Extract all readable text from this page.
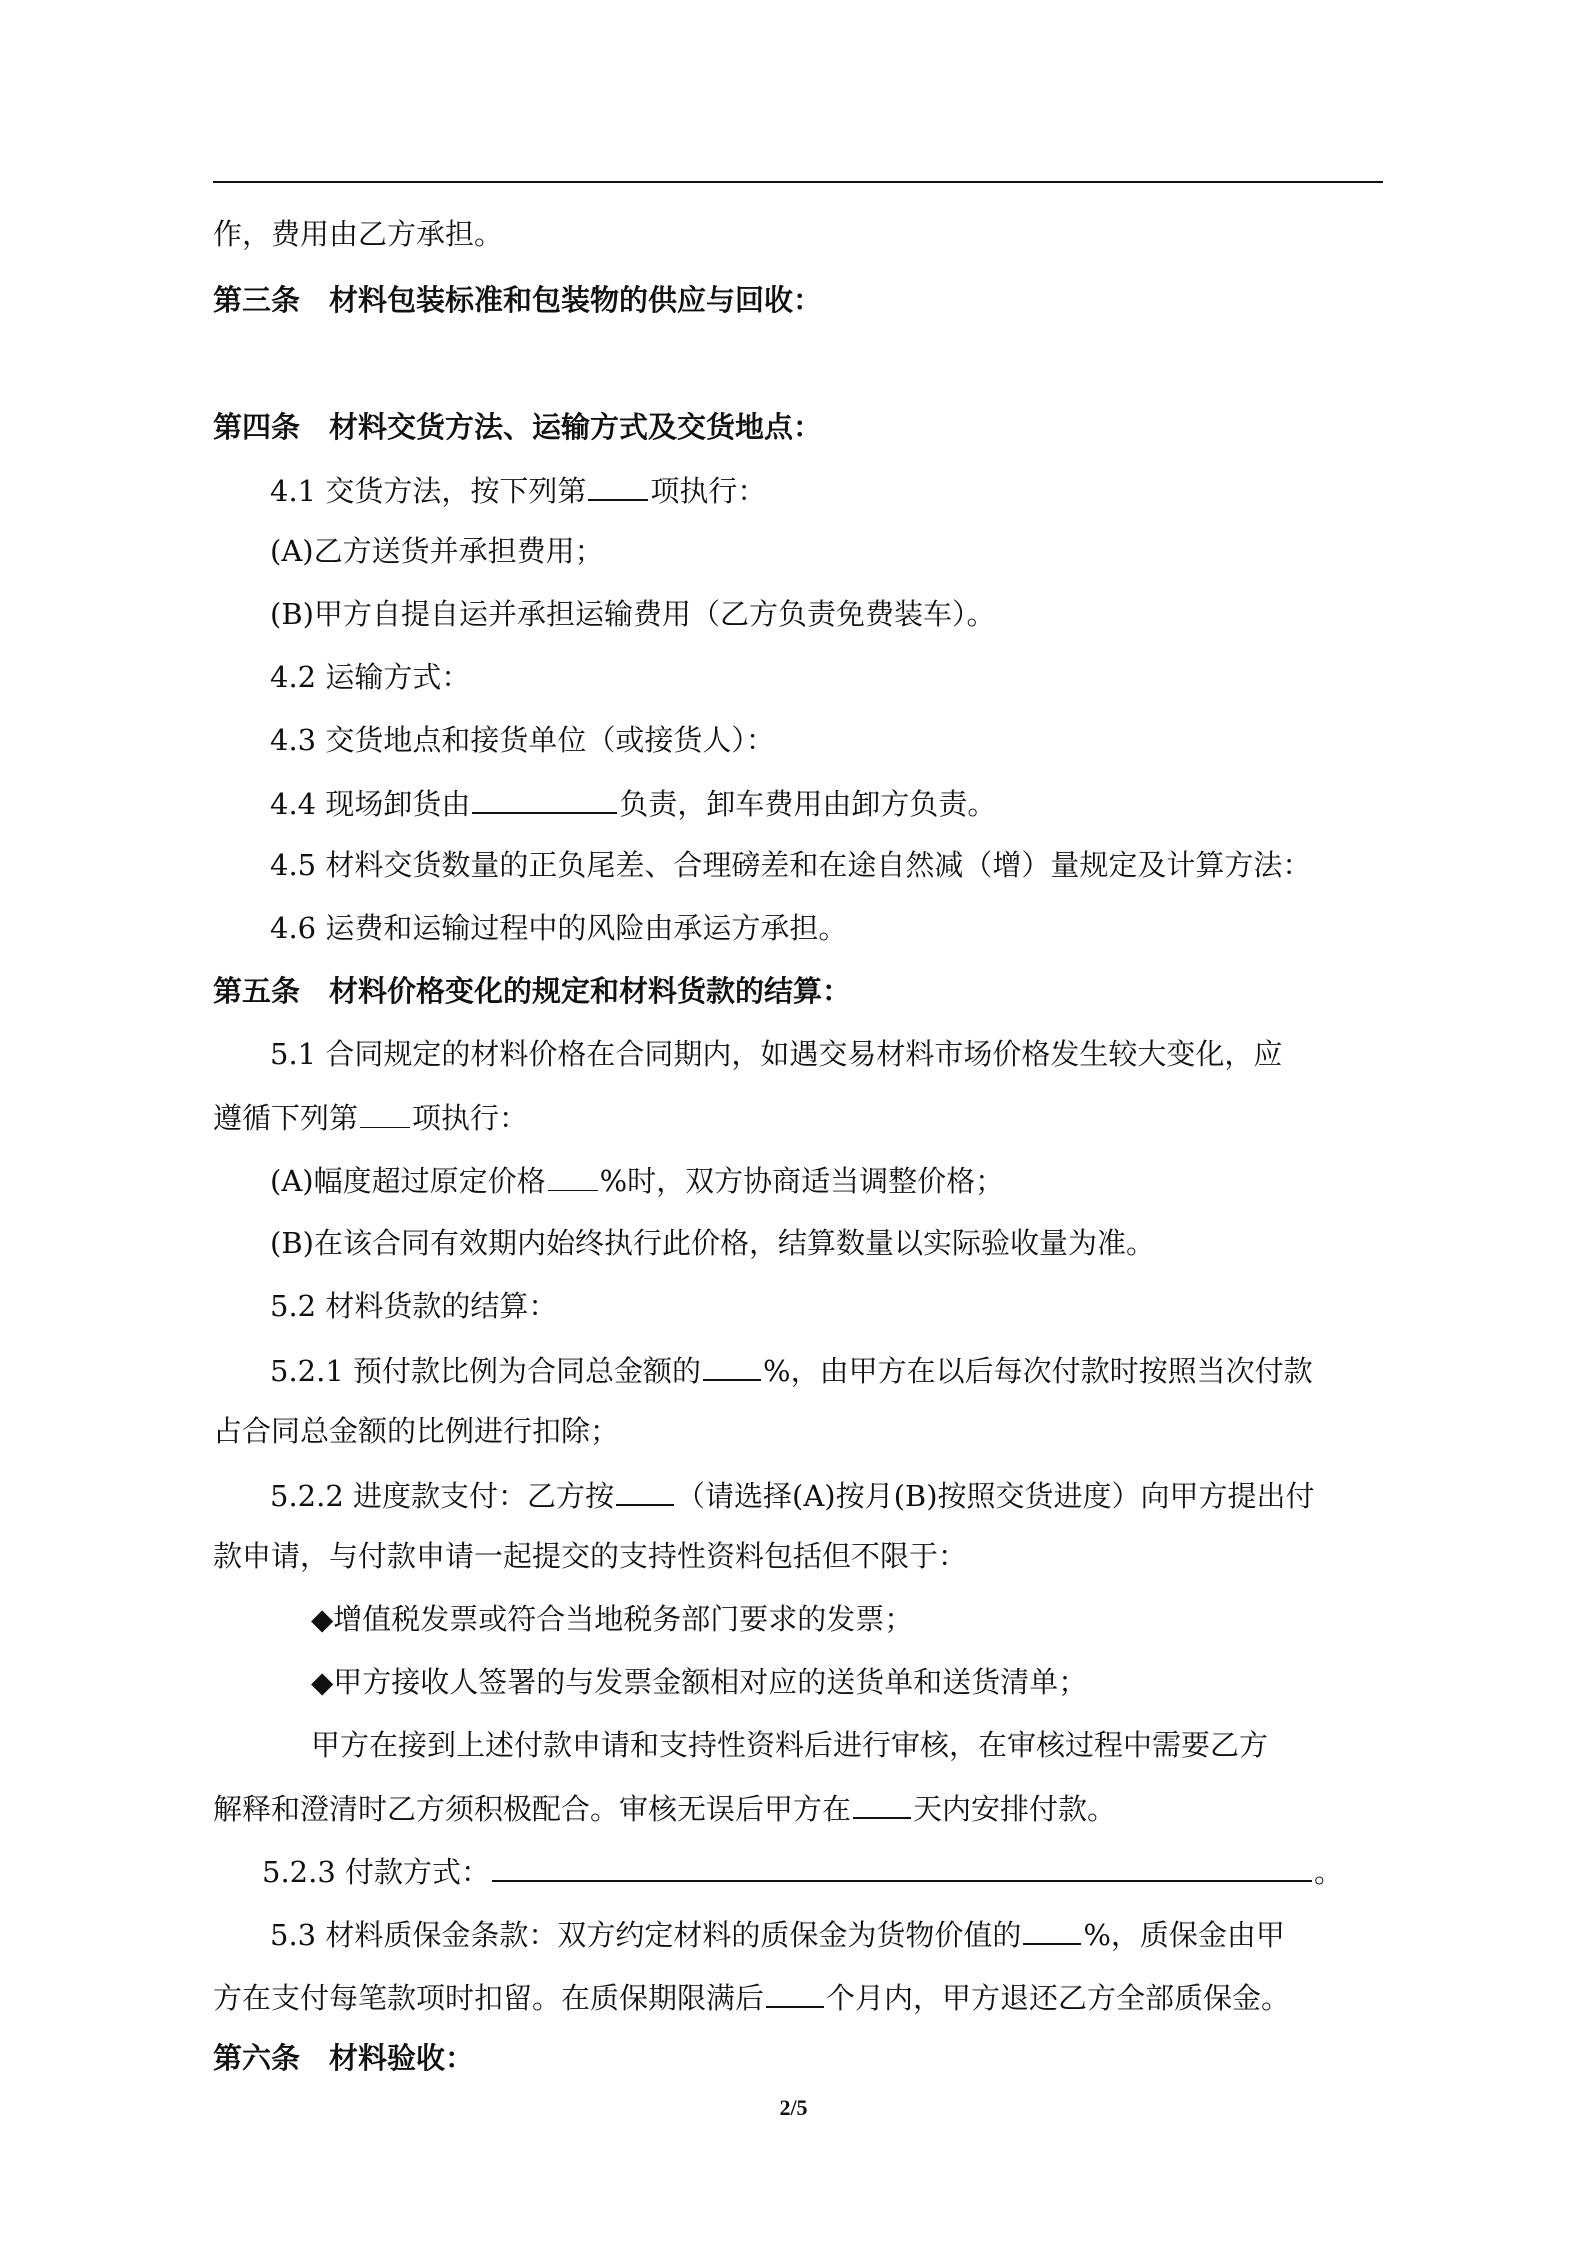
作，费用由乙方承担。
第三条　材料包装标准和包装物的供应与回收：
第四条　材料交货方法、运输方式及交货地点：
4.1 交货方法，按下列第 项执行：
(A)乙方送货并承担费用；
(B)甲方自提自运并承担运输费用（乙方负责免费装车）。
4.2 运输方式：
4.3 交货地点和接货单位（或接货人）：
4.4 现场卸货由	负责，卸车费用由卸方负责。
4.5 材料交货数量的正负尾差、合理磅差和在途自然减（增）量规定及计算方法：
4.6 运费和运输过程中的风险由承运方承担。
第五条　材料价格变化的规定和材料货款的结算：
5.1 合同规定的材料价格在合同期内，如遇交易材料市场价格发生较大变化，应
遵循下列第 项执行：
(A)幅度超过原定价格 %时，双方协商适当调整价格；
(B)在该合同有效期内始终执行此价格，结算数量以实际验收量为准。
5.2 材料货款的结算：
5.2.1 预付款比例为合同总金额的 %，由甲方在以后每次付款时按照当次付款
占合同总金额的比例进行扣除；
5.2.2 进度款支付：乙方按 （请选择(A)按月(B)按照交货进度）向甲方提出付
款申请，与付款申请一起提交的支持性资料包括但不限于：
◆增值税发票或符合当地税务部门要求的发票；
◆甲方接收人签署的与发票金额相对应的送货单和送货清单；
甲方在接到上述付款申请和支持性资料后进行审核，在审核过程中需要乙方
解释和澄清时乙方须积极配合。审核无误后甲方在 天内安排付款。
5.2.3 付款方式：	。
5.3 材料质保金条款：双方约定材料的质保金为货物价值的 %，质保金由甲
方在支付每笔款项时扣留。在质保期限满后 个月内，甲方退还乙方全部质保金。
第六条　材料验收：
2/5
